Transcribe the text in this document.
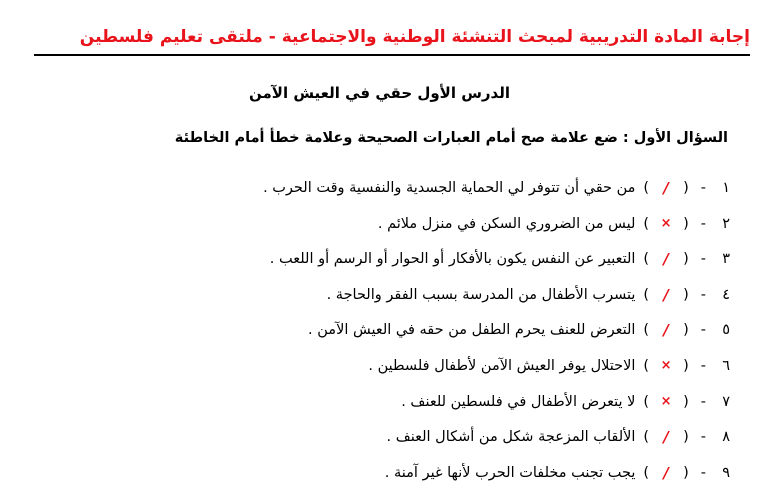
إجابة المادة التدريبية لمبحث التنشئة الوطنية والاجتماعية - ملتقى تعليم فلسطين
الدرس الأول حقي في العيش الآمن
السؤال الأول : ضع علامة صح أمام العبارات الصحيحة وعلامة خطأ أمام الخاطئة
١
-
(
/
)
من حقي أن تتوفر لي الحماية الجسدية والنفسية وقت الحرب .
٢
-
(
×
)
ليس من الضروري السكن في منزل ملائم .
٣
-
(
/
)
التعبير عن النفس يكون بالأفكار أو الحوار أو الرسم أو اللعب .
٤
-
(
/
)
يتسرب الأطفال من المدرسة بسبب الفقر والحاجة .
٥
-
(
/
)
التعرض للعنف يحرم الطفل من حقه في العيش الآمن .
٦
-
(
×
)
الاحتلال يوفر العيش الآمن لأطفال فلسطين .
٧
-
(
×
)
لا يتعرض الأطفال في فلسطين للعنف .
٨
-
(
/
)
الألقاب المزعجة شكل من أشكال العنف .
٩
-
(
/
)
يجب تجنب مخلفات الحرب لأنها غير آمنة .
